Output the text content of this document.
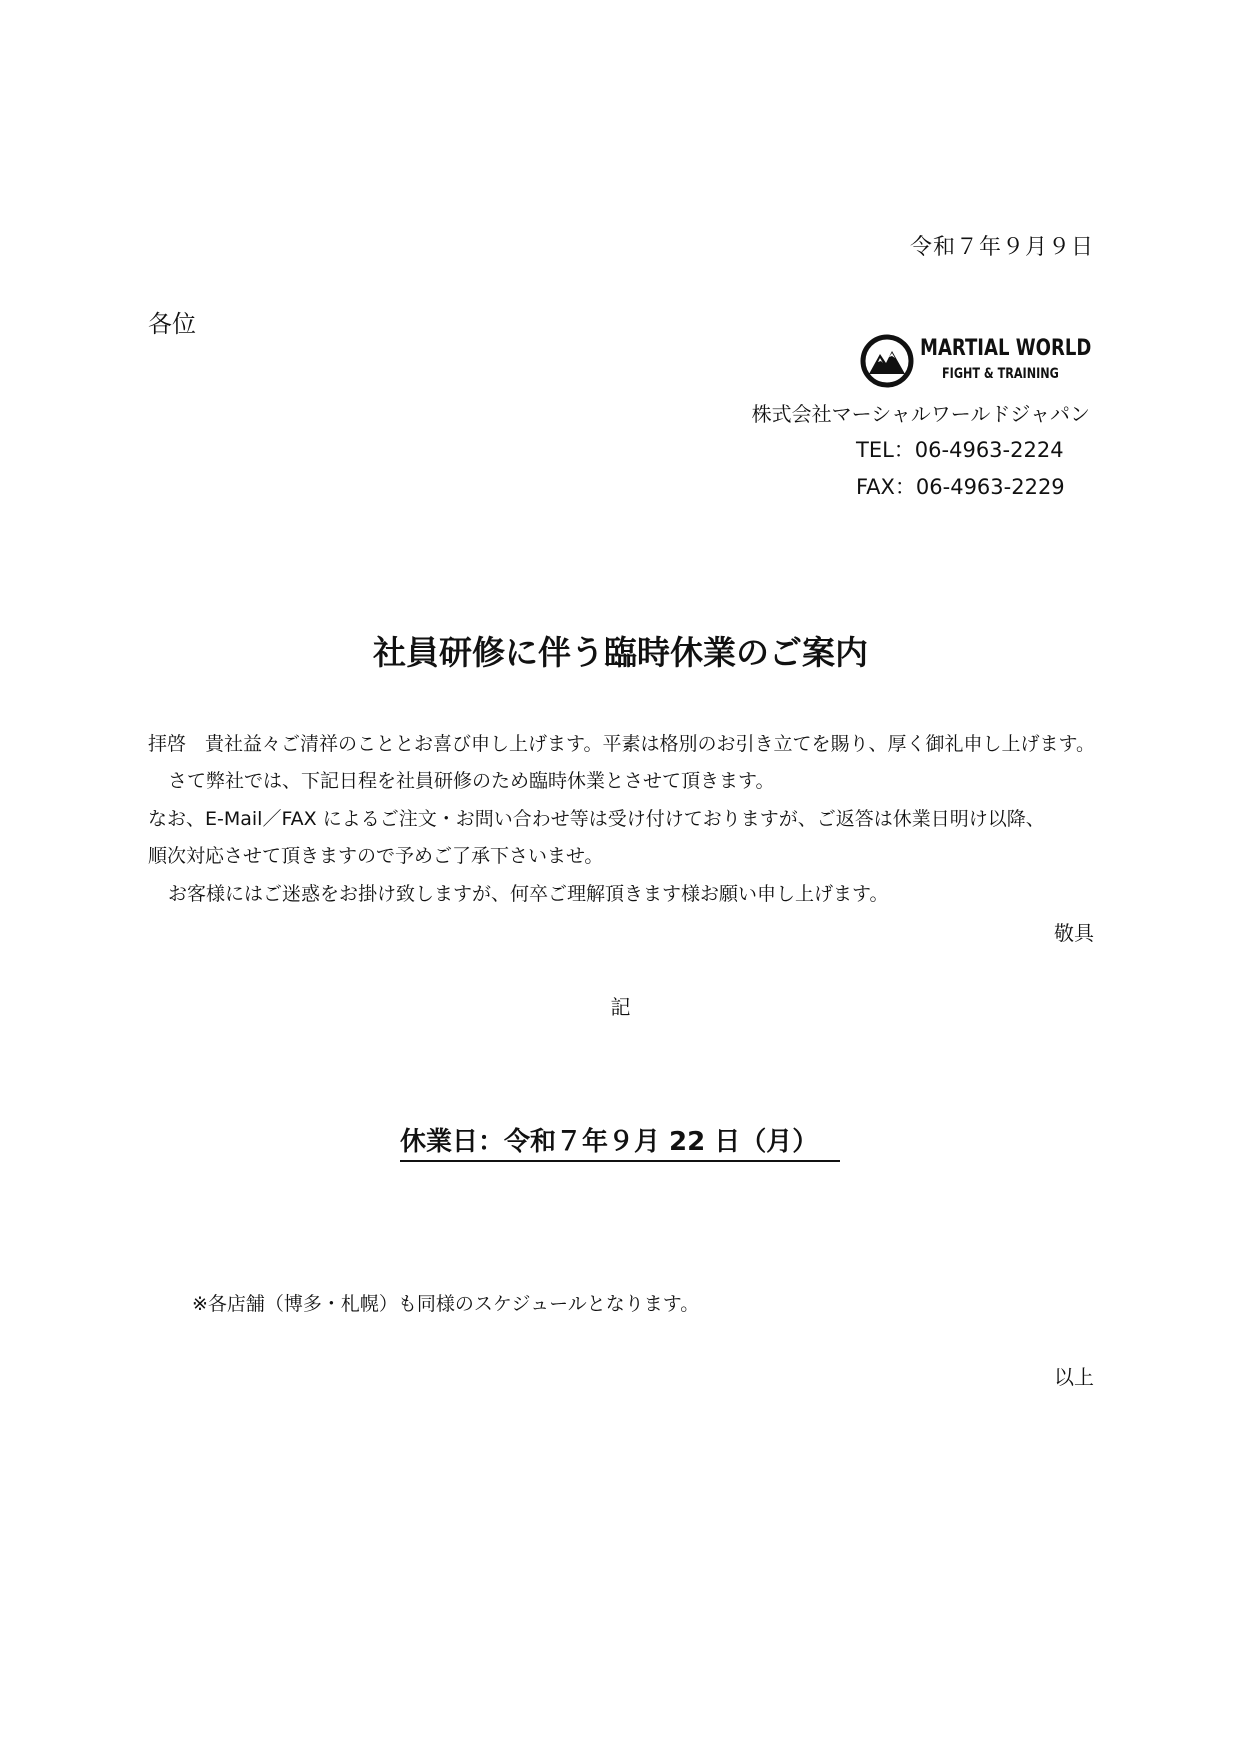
令和７年９月９日
各位
MARTIAL WORLD
FIGHT & TRAINING
株式会社マーシャルワールドジャパン
TEL：06-4963-2224
FAX：06-4963-2229
社員研修に伴う臨時休業のご案内
拝啓　貴社益々ご清祥のこととお喜び申し上げます。平素は格別のお引き立てを賜り、厚く御礼申し上げます。
さて弊社では、下記日程を社員研修のため臨時休業とさせて頂きます。
なお、E-Mail／FAX によるご注文・お問い合わせ等は受け付けておりますが、ご返答は休業日明け以降、
順次対応させて頂きますので予めご了承下さいませ。
お客様にはご迷惑をお掛け致しますが、何卒ご理解頂きます様お願い申し上げます。
敬具
記
休業日：令和７年９月 22 日（月）
※各店舗（博多・札幌）も同様のスケジュールとなります。
以上
